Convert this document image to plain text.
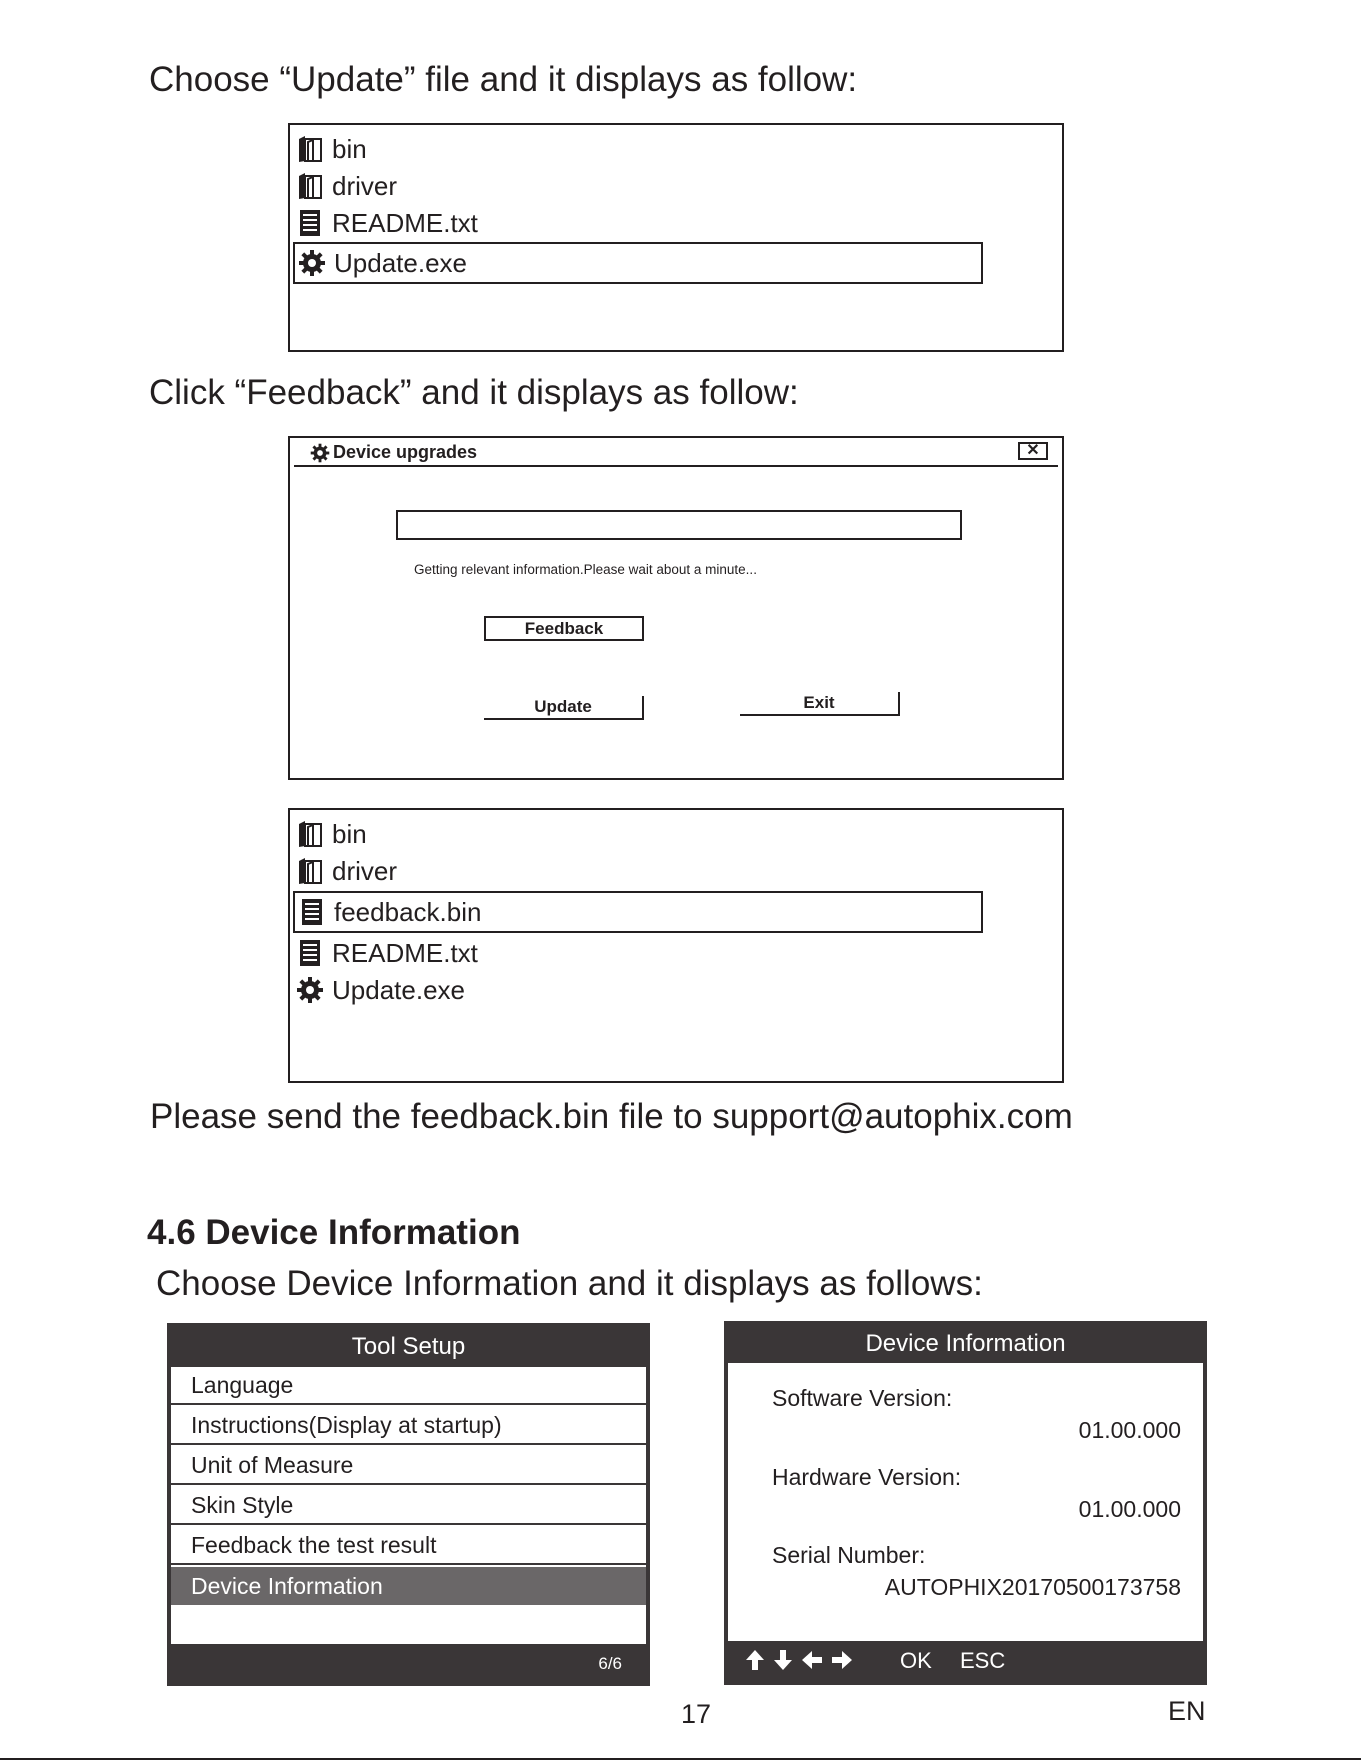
Choose “Update” file and it displays as follow:
bin
driver
README.txt
Update.exe
Click “Feedback” and it displays as follow:
Device upgrades	✕
Getting relevant information.Please wait about a minute...
Feedback
Update	Exit
bin
driver
feedback.bin
README.txt
Update.exe
Please send the feedback.bin file to support@autophix.com
4.6 Device Information
Choose Device Information and it displays as follows:
Tool Setup
Language
Instructions(Display at startup)
Unit of Measure
Skin Style
Feedback the test result
Device Information
6/6
Device Information
Software Version:
01.00.000
Hardware Version:
01.00.000
Serial Number:
AUTOPHIX20170500173758
OK ESC
17	EN
